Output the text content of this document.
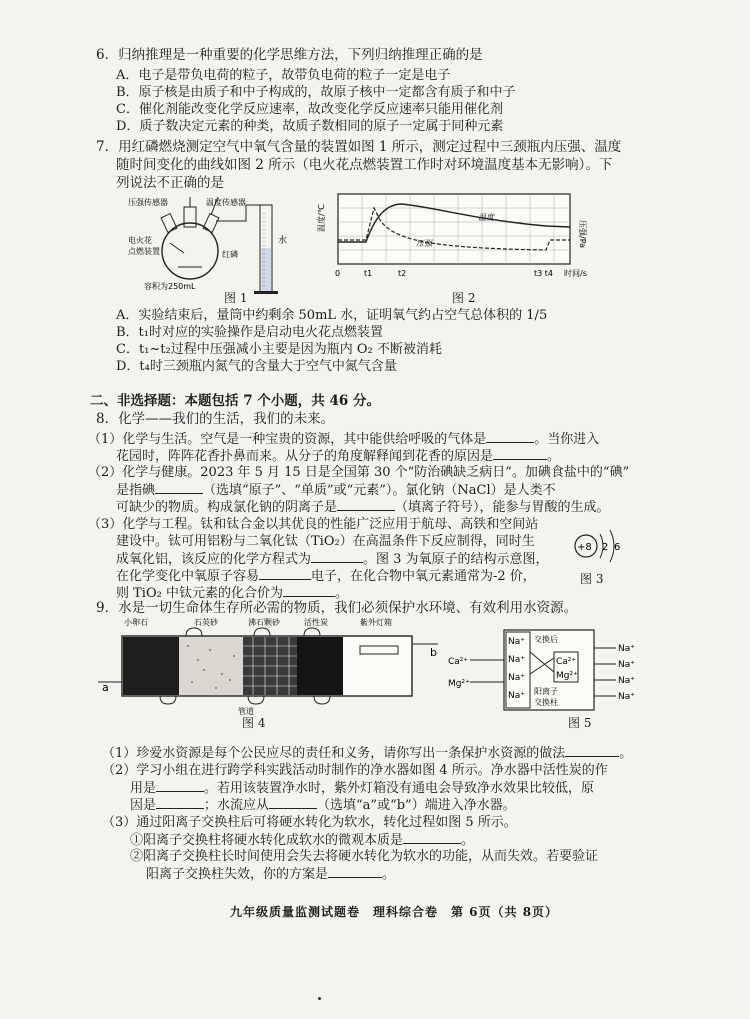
6．归纳推理是一种重要的化学思维方法，下列归纳推理正确的是
A．电子是带负电荷的粒子，故带负电荷的粒子一定是电子
B．原子核是由质子和中子构成的，故原子核中一定都含有质子和中子
C．催化剂能改变化学反应速率，故改变化学反应速率只能用催化剂
D．质子数决定元素的种类，故质子数相同的原子一定属于同种元素
7．用红磷燃烧测定空气中氧气含量的装置如图 1 所示，测定过程中三颈瓶内压强、温度
随时间变化的曲线如图 2 所示（电火花点燃装置工作时对环境温度基本无影响）。下
列说法不正确的是
压强传感器	温度传感器
水
电火花
点燃装置	红磷
容积为250mL
图 1
温度/℃
压强/Pa
温度
压强
0	t1	t2	t3 t4 时间/s
图 2
A．实验结束后，量筒中约剩余 50mL 水，证明氧气约占空气总体积的 1/5
B．t₁时对应的实验操作是启动电火花点燃装置
C．t₁~t₂过程中压强减小主要是因为瓶内 O₂ 不断被消耗
D．t₄时三颈瓶内氮气的含量大于空气中氮气含量
二、非选择题：本题包括 7 个小题，共 46 分。
8．化学——我们的生活，我们的未来。
（1）化学与生活。空气是一种宝贵的资源，其中能供给呼吸的气体是	。当你进入
花园时，阵阵花香扑鼻而来。从分子的角度解释闻到花香的原因是	。
（2）化学与健康。2023 年 5 月 15 日是全国第 30 个“防治碘缺乏病日”。加碘食盐中的“碘”
是指碘	（选填“原子”、“单质”或“元素”）。氯化钠（NaCl）是人类不
可缺少的物质。构成氯化钠的阴离子是	（填离子符号），能参与胃酸的生成。
（3）化学与工程。钛和钛合金以其优良的性能广泛应用于航母、高铁和空间站
建设中。钛可用铝粉与二氧化钛（TiO₂）在高温条件下反应制得，同时生
成氧化铝，该反应的化学方程式为	。图 3 为氧原子的结构示意图，
在化学变化中氧原子容易	电子，在化合物中氧元素通常为-2 价，
则 TiO₂ 中钛元素的化合价为	。
+8 2 6
图 3
9．水是一切生命体生存所必需的物质，我们必须保护水环境、有效利用水资源。
小卵石	石英砂	沸石颗砂	活性炭	紫外灯箱
管道
a
b
图 4
Ca²⁺
Mg²⁺
Na⁺
Na⁺
Na⁺
Na⁺
交换后
Ca²⁺
Mg²⁺
阳离子
交换柱
Na⁺
Na⁺
Na⁺
Na⁺
图 5
（1）珍爱水资源是每个公民应尽的责任和义务，请你写出一条保护水资源的做法	。
（2）学习小组在进行跨学科实践活动时制作的净水器如图 4 所示。净水器中活性炭的作
用是	。若用该装置净水时，紫外灯箱没有通电会导致净水效果比较低，原
因是	；水流应从	（选填“a”或“b”）端进入净水器。
（3）通过阳离子交换柱后可将硬水转化为软水，转化过程如图 5 所示。
①阳离子交换柱将硬水转化成软水的微观本质是	。
②阳离子交换柱长时间使用会失去将硬水转化为软水的功能，从而失效。若要验证
阳离子交换柱失效，你的方案是	。
九年级质量监测试题卷　理科综合卷　第 6页（共 8页）
